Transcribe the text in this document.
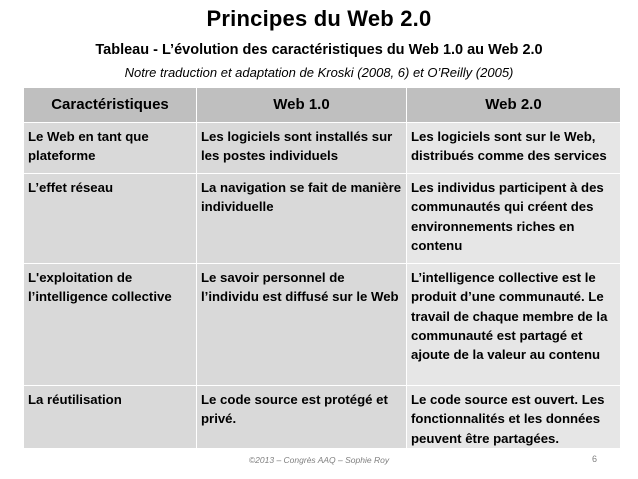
Principes du Web 2.0
Tableau - L’évolution des caractéristiques du Web 1.0 au Web 2.0
Notre traduction et adaptation de Kroski (2008, 6) et O’Reilly (2005)
Caractéristiques	Web 1.0	Web 2.0
Le Web en tant que plateforme	Les logiciels sont installés sur les postes individuels	Les logiciels sont sur le Web, distribués comme des services
L’effet réseau	La navigation se fait de manière individuelle	Les individus participent à des communautés qui créent des environnements riches en contenu
L'exploitation de l’intelligence collective	Le savoir personnel de l’individu est diffusé sur le Web	L’intelligence collective est le produit d’une communauté. Le travail de chaque membre de la communauté est partagé et ajoute de la valeur au contenu
La réutilisation	Le code source est protégé et privé.	Le code source est ouvert. Les fonctionnalités et les données peuvent être partagées.
©2013 – Congrès AAQ – Sophie Roy	6
